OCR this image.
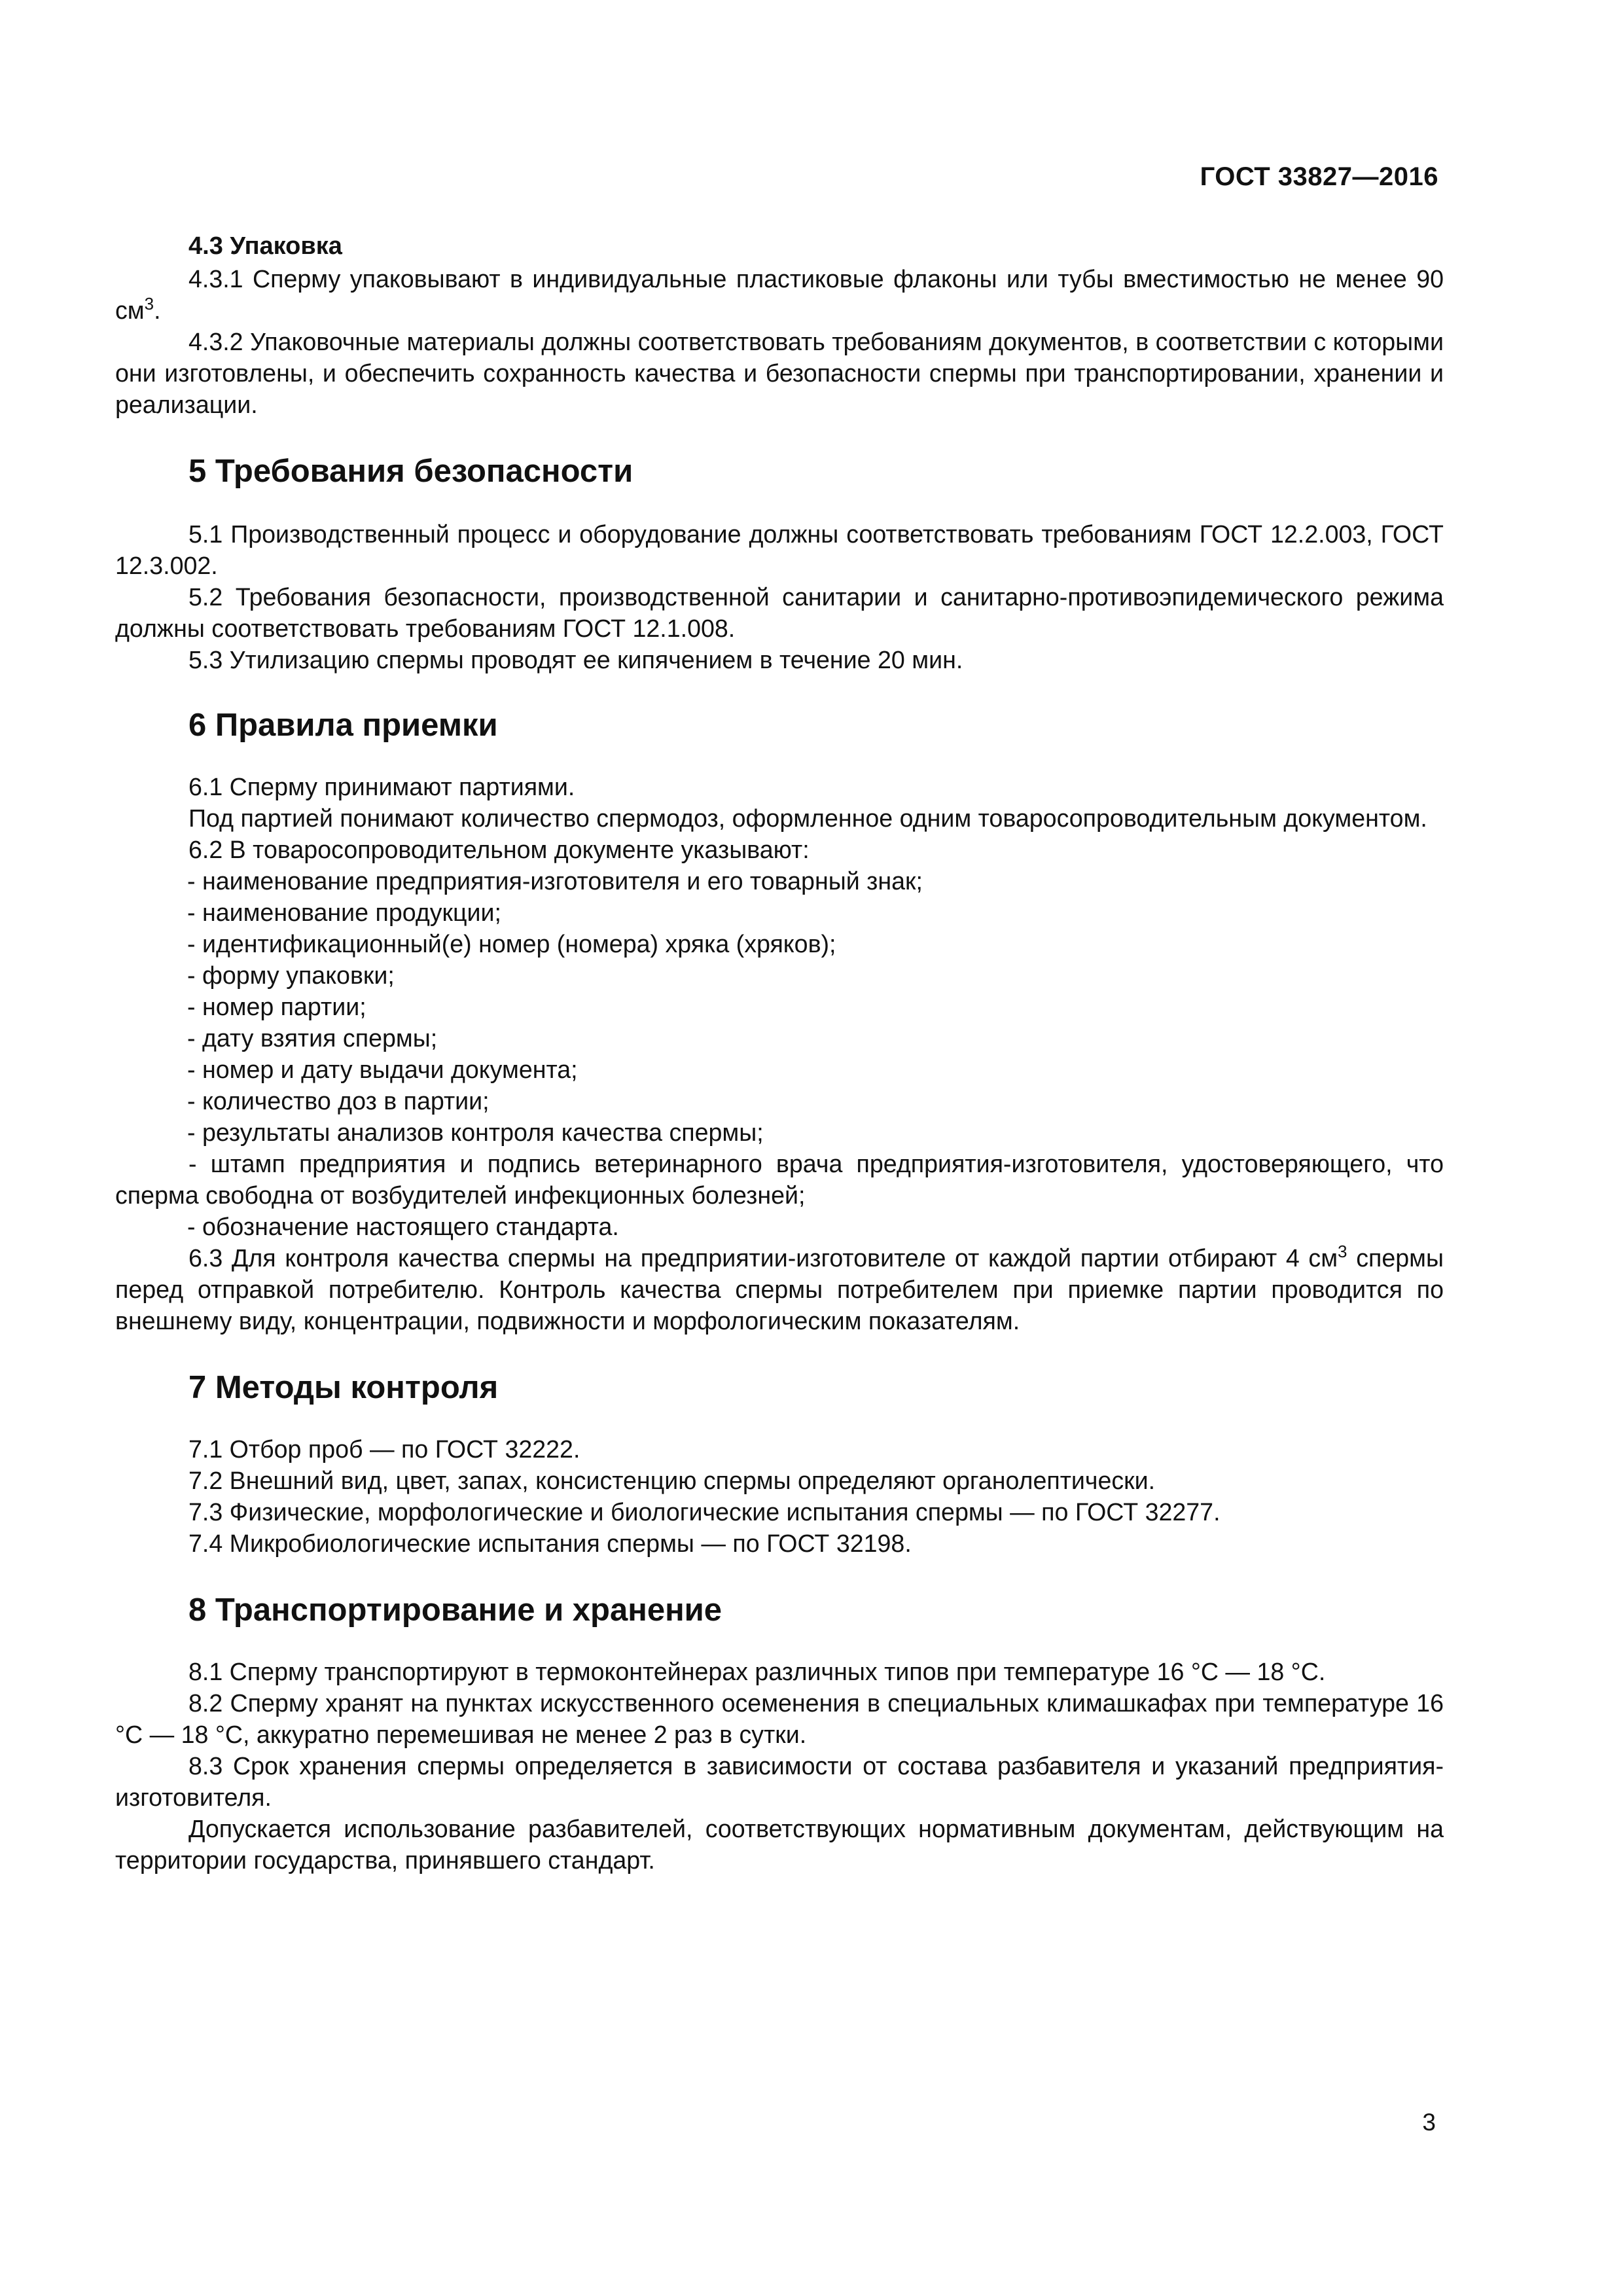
ГОСТ 33827—2016
4.3 Упаковка

4.3.1 Сперму упаковывают в индивидуальные пластиковые флаконы или тубы вместимостью не менее 90 $см^3$.

4.3.2 Упаковочные материалы должны соответствовать требованиям документов, в соответствии с которыми они изготовлены, и обеспечить сохранность качества и безопасности спермы при транспортировании, хранении и реализации.

5 Требования безопасности

5.1 Производственный процесс и оборудование должны соответствовать требованиям ГОСТ 12.2.003, ГОСТ 12.3.002.

5.2 Требования безопасности, производственной санитарии и санитарно-противоэпидемического режима должны соответствовать требованиям ГОСТ 12.1.008.

5.3 Утилизацию спермы проводят ее кипячением в течение 20 мин.

6 Правила приемки

6.1 Сперму принимают партиями.

Под партией понимают количество спермодоз, оформленное одним товаросопроводительным документом.

6.2 В товаросопроводительном документе указывают:

- наименование предприятия-изготовителя и его товарный знак;

- наименование продукции;

- идентификационный(е) номер (номера) хряка (хряков);

- форму упаковки;

- номер партии;

- дату взятия спермы;

- номер и дату выдачи документа;

- количество доз в партии;

- результаты анализов контроля качества спермы;

- штамп предприятия и подпись ветеринарного врача предприятия-изготовителя, удостоверяющего, что сперма свободна от возбудителей инфекционных болезней;

- обозначение настоящего стандарта.

6.3 Для контроля качества спермы на предприятии-изготовителе от каждой партии отбирают 4 $см^3$ спермы перед отправкой потребителю. Контроль качества спермы потребителем при приемке партии проводится по внешнему виду, концентрации, подвижности и морфологическим показателям.

7 Методы контроля

7.1 Отбор проб — по ГОСТ 32222.

7.2 Внешний вид, цвет, запах, консистенцию спермы определяют органолептически.

7.3 Физические, морфологические и биологические испытания спермы — по ГОСТ 32277.

7.4 Микробиологические испытания спермы — по ГОСТ 32198.

8 Транспортирование и хранение

8.1 Сперму транспортируют в термоконтейнерах различных типов при температуре 16 °C — 18 °C.

8.2 Сперму хранят на пунктах искусственного осеменения в специальных климашкафах при температуре 16 °C — 18 °C, аккуратно перемешивая не менее 2 раз в сутки.

8.3 Срок хранения спермы определяется в зависимости от состава разбавителя и указаний предприятия-изготовителя.

Допускается использование разбавителей, соответствующих нормативным документам, действующим на территории государства, принявшего стандарт.

3
